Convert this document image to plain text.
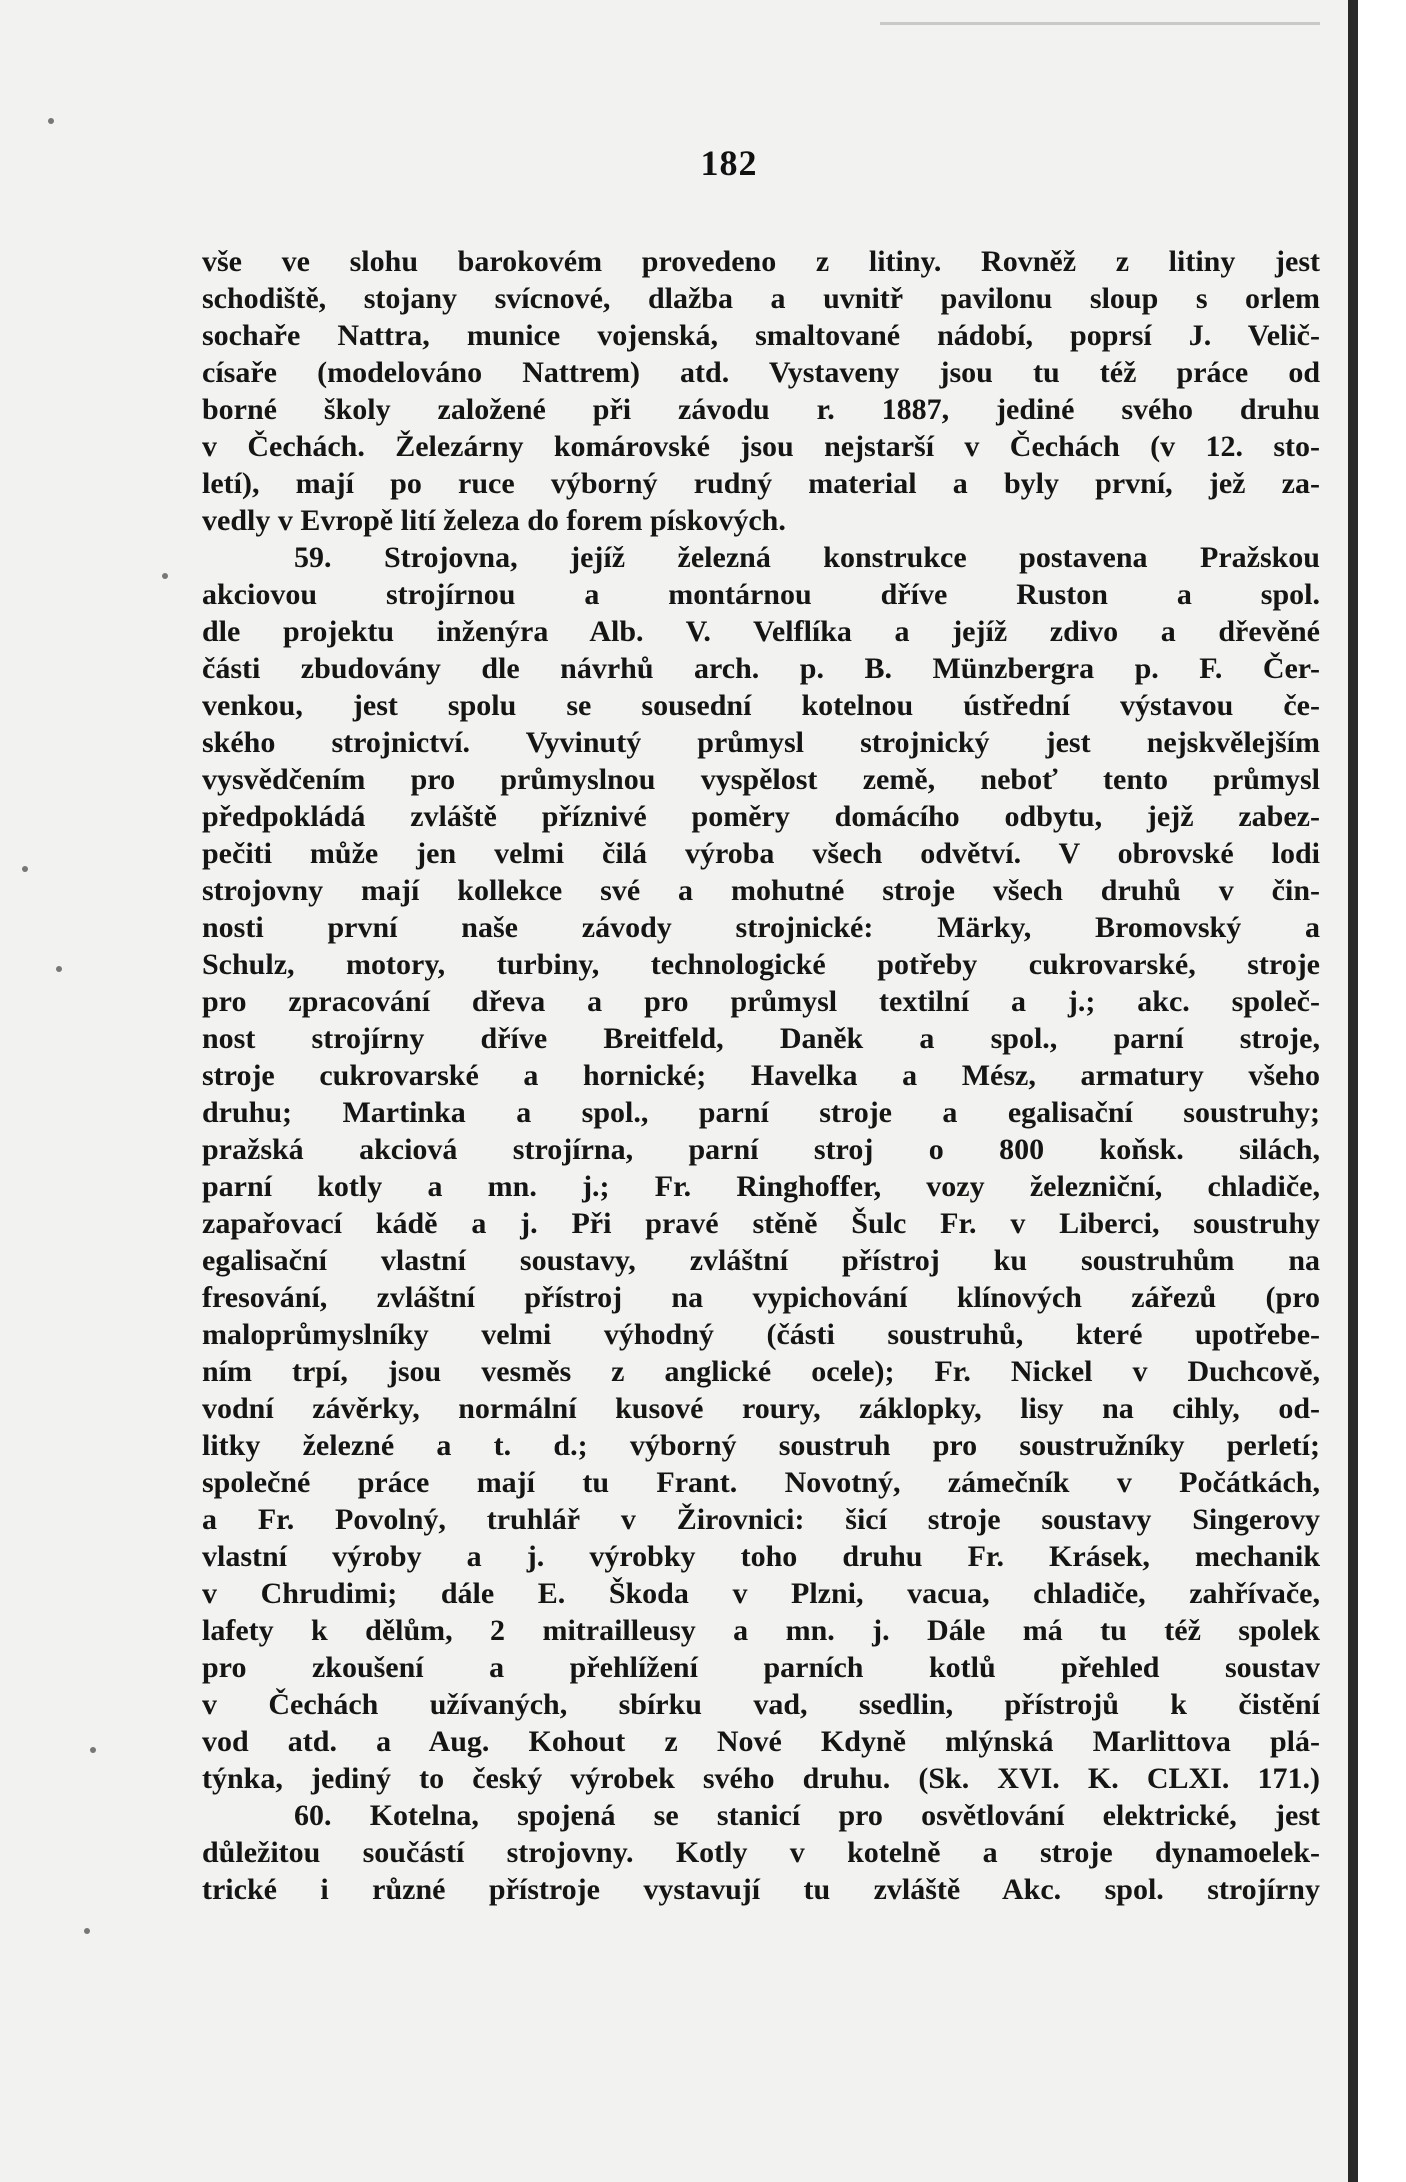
182
vše ve slohu barokovém provedeno z litiny. Rovněž z litiny jest
schodiště, stojany svícnové, dlažba a uvnitř pavilonu sloup s orlem
sochaře Nattra, munice vojenská, smaltované nádobí, poprsí J. Velič-
císaře (modelováno Nattrem) atd. Vystaveny jsou tu též práce od
borné školy založené při závodu r. 1887, jediné svého druhu
v Čechách. Železárny komárovské jsou nejstarší v Čechách (v 12. sto-
letí), mají po ruce výborný rudný material a byly první, jež za-
vedly v Evropě lití železa do forem pískových.
59. Strojovna, jejíž železná konstrukce postavena Pražskou
akciovou strojírnou a montárnou dříve Ruston a spol.
dle projektu inženýra Alb. V. Velflíka a jejíž zdivo a dřevěné
části zbudovány dle návrhů arch. p. B. Münzbergra p. F. Čer-
venkou, jest spolu se sousední kotelnou ústřední výstavou če-
ského strojnictví. Vyvinutý průmysl strojnický jest nejskvělejším
vysvědčením pro průmyslnou vyspělost země, neboť tento průmysl
předpokládá zvláště příznivé poměry domácího odbytu, jejž zabez-
pečiti může jen velmi čilá výroba všech odvětví. V obrovské lodi
strojovny mají kollekce své a mohutné stroje všech druhů v čin-
nosti první naše závody strojnické: Märky, Bromovský a
Schulz, motory, turbiny, technologické potřeby cukrovarské, stroje
pro zpracování dřeva a pro průmysl textilní a j.; akc. společ-
nost strojírny dříve Breitfeld, Daněk a spol., parní stroje,
stroje cukrovarské a hornické; Havelka a Mész, armatury všeho
druhu; Martinka a spol., parní stroje a egalisační soustruhy;
pražská akciová strojírna, parní stroj o 800 koňsk. silách,
parní kotly a mn. j.; Fr. Ringhoffer, vozy železniční, chladiče,
zapařovací kádě a j. Při pravé stěně Šulc Fr. v Liberci, soustruhy
egalisační vlastní soustavy, zvláštní přístroj ku soustruhům na
fresování, zvláštní přístroj na vypichování klínových zářezů (pro
maloprůmyslníky velmi výhodný (části soustruhů, které upotřebe-
ním trpí, jsou vesměs z anglické ocele); Fr. Nickel v Duchcově,
vodní závěrky, normální kusové roury, záklopky, lisy na cihly, od-
litky železné a t. d.; výborný soustruh pro soustružníky perletí;
společné práce mají tu Frant. Novotný, zámečník v Počátkách,
a Fr. Povolný, truhlář v Žirovnici: šicí stroje soustavy Singerovy
vlastní výroby a j. výrobky toho druhu Fr. Krásek, mechanik
v Chrudimi; dále E. Škoda v Plzni, vacua, chladiče, zahřívače,
lafety k dělům, 2 mitrailleusy a mn. j. Dále má tu též spolek
pro zkoušení a přehlížení parních kotlů přehled soustav
v Čechách užívaných, sbírku vad, ssedlin, přístrojů k čistění
vod atd. a Aug. Kohout z Nové Kdyně mlýnská Marlittova plá-
týnka, jediný to český výrobek svého druhu. (Sk. XVI. K. CLXI. 171.)
60. Kotelna, spojená se stanicí pro osvětlování elektrické, jest
důležitou součástí strojovny. Kotly v kotelně a stroje dynamoelek-
trické i různé přístroje vystavují tu zvláště Akc. spol. strojírny
